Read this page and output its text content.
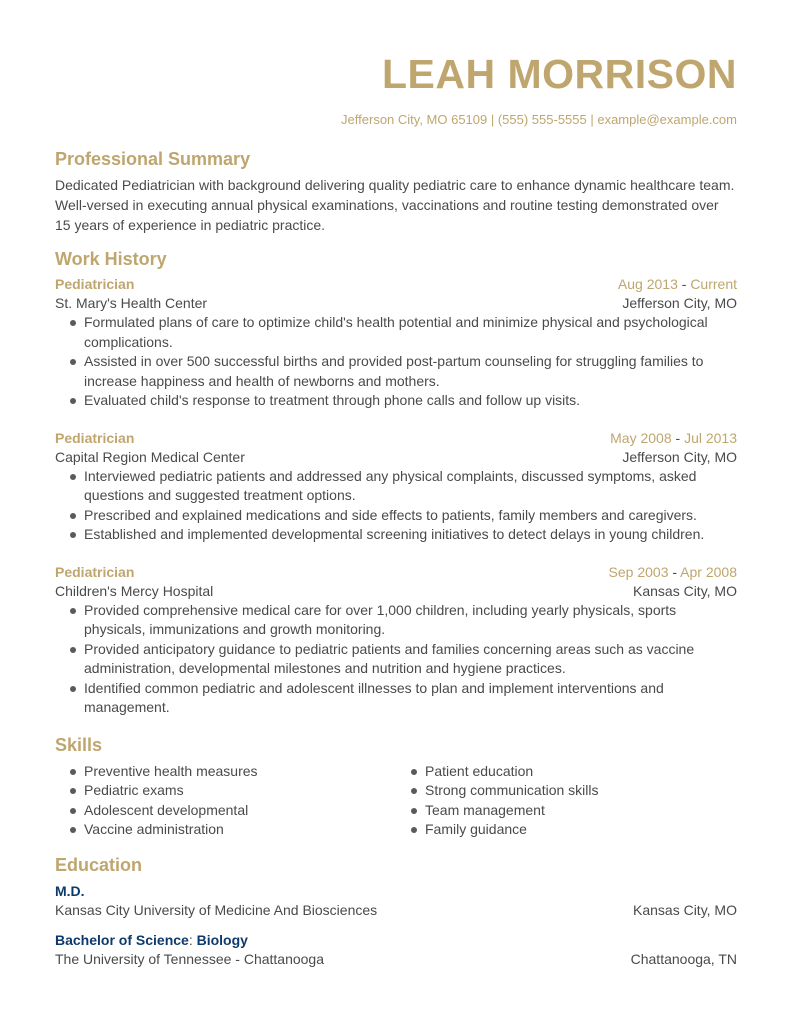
LEAH MORRISON
Jefferson City, MO 65109 | (555) 555-5555 | example@example.com
Professional Summary
Dedicated Pediatrician with background delivering quality pediatric care to enhance dynamic healthcare team. Well-versed in executing annual physical examinations, vaccinations and routine testing demonstrated over 15 years of experience in pediatric practice.
Work History
Pediatrician	Aug 2013 - Current
St. Mary's Health Center	Jefferson City, MO
Formulated plans of care to optimize child's health potential and minimize physical and psychological complications.
Assisted in over 500 successful births and provided post-partum counseling for struggling families to increase happiness and health of newborns and mothers.
Evaluated child's response to treatment through phone calls and follow up visits.
Pediatrician	May 2008 - Jul 2013
Capital Region Medical Center	Jefferson City, MO
Interviewed pediatric patients and addressed any physical complaints, discussed symptoms, asked questions and suggested treatment options.
Prescribed and explained medications and side effects to patients, family members and caregivers.
Established and implemented developmental screening initiatives to detect delays in young children.
Pediatrician	Sep 2003 - Apr 2008
Children's Mercy Hospital	Kansas City, MO
Provided comprehensive medical care for over 1,000 children, including yearly physicals, sports physicals, immunizations and growth monitoring.
Provided anticipatory guidance to pediatric patients and families concerning areas such as vaccine administration, developmental milestones and nutrition and hygiene practices.
Identified common pediatric and adolescent illnesses to plan and implement interventions and management.
Skills
Preventive health measures
Pediatric exams
Adolescent developmental
Vaccine administration
Patient education
Strong communication skills
Team management
Family guidance
Education
M.D.
Kansas City University of Medicine And Biosciences	Kansas City, MO
Bachelor of Science: Biology
The University of Tennessee - Chattanooga	Chattanooga, TN
